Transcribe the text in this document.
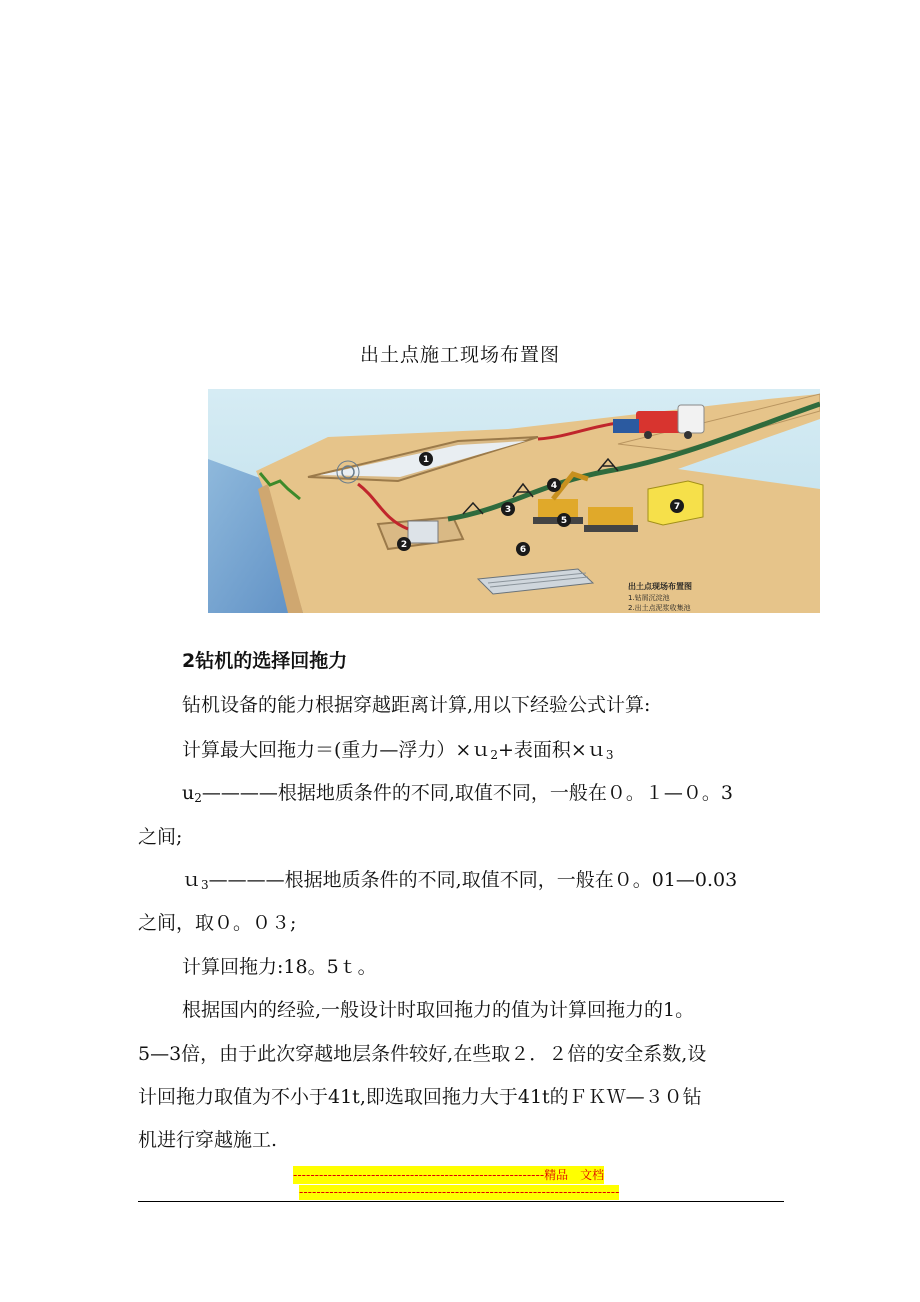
出土点施工现场布置图
1
2
3
4
5
6
7
出土点现场布置图
1.钻屑沉淀池
2.出土点泥浆收集池
2钻机的选择回拖力
钻机设备的能力根据穿越距离计算,用以下经验公式计算:
计算最大回拖力＝(重力—浮力）×ｕ$_2$+表面积×ｕ$_3$
$u_2————$根据地质条件的不同,取值不同，一般在０。１—０。3
之间;
ｕ$_3$————根据地质条件的不同,取值不同，一般在０。01—0.03
之间，取０。０３;
计算回拖力:18。5ｔ。
根据国内的经验,一般设计时取回拖力的值为计算回拖力的1。
5—3倍，由于此次穿越地层条件较好,在些取２．２倍的安全系数,设
计回拖力取值为不小于41t,即选取回拖力大于41t的ＦＫＷ—３０钻
机进行穿越施工.
----------------------------------------------------------精品　文档
--------------------------------------------------------------------------
